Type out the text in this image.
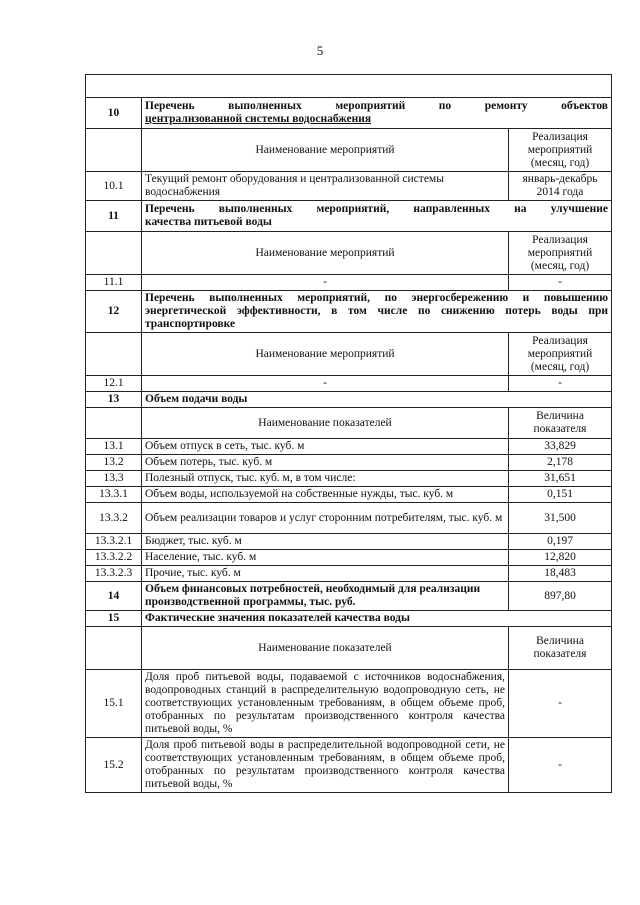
5

10	Перечень выполненных мероприятий по ремонту объектов
централизованной системы водоснабжения	

	Наименование мероприятий	Реализация мероприятий (месяц, год)
10.1	Текущий ремонт оборудования и централизованной системы водоснабжения	январь-декабрь 2014 года
11	Перечень выполненных мероприятий, направленных на улучшение
качества питьевой воды	

	Наименование мероприятий	Реализация мероприятий (месяц, год)
11.1	-	-
12	Перечень выполненных мероприятий, по энергосбережению и повышению энергетической эффективности, в том числе по снижению потерь воды при транспортировке	
	Наименование мероприятий	Реализация мероприятий (месяц, год)
12.1	-	-
13	Объем подачи воды	
	Наименование показателей	Величина показателя
13.1	Объем отпуск в сеть, тыс. куб. м	33,829
13.2	Объем потерь, тыс. куб. м	2,178
13.3	Полезный отпуск, тыс. куб. м, в том числе:	31,651
13.3.1	Объем воды, используемой на собственные нужды, тыс. куб. м	0,151
13.3.2	Объем реализации товаров и услуг сторонним потребителям, тыс. куб. м	31,500
13.3.2.1	Бюджет, тыс. куб. м	0,197
13.3.2.2	Население, тыс. куб. м	12,820
13.3.2.3	Прочие, тыс. куб. м	18,483
14	Объем финансовых потребностей, необходимый для реализации производственной программы, тыс. руб.	897,80
15	Фактические значения показателей качества воды	
	Наименование показателей	Величина показателя
15.1	Доля проб питьевой воды, подаваемой с источников водоснабжения, водопроводных станций в распределительную водопроводную сеть, не соответствующих установленным требованиям, в общем объеме проб, отобранных по результатам производственного контроля качества питьевой воды, %	-
15.2	Доля проб питьевой воды в распределительной водопроводной сети, не соответствующих установленным требованиям, в общем объеме проб, отобранных по результатам производственного контроля качества питьевой воды, %	-
